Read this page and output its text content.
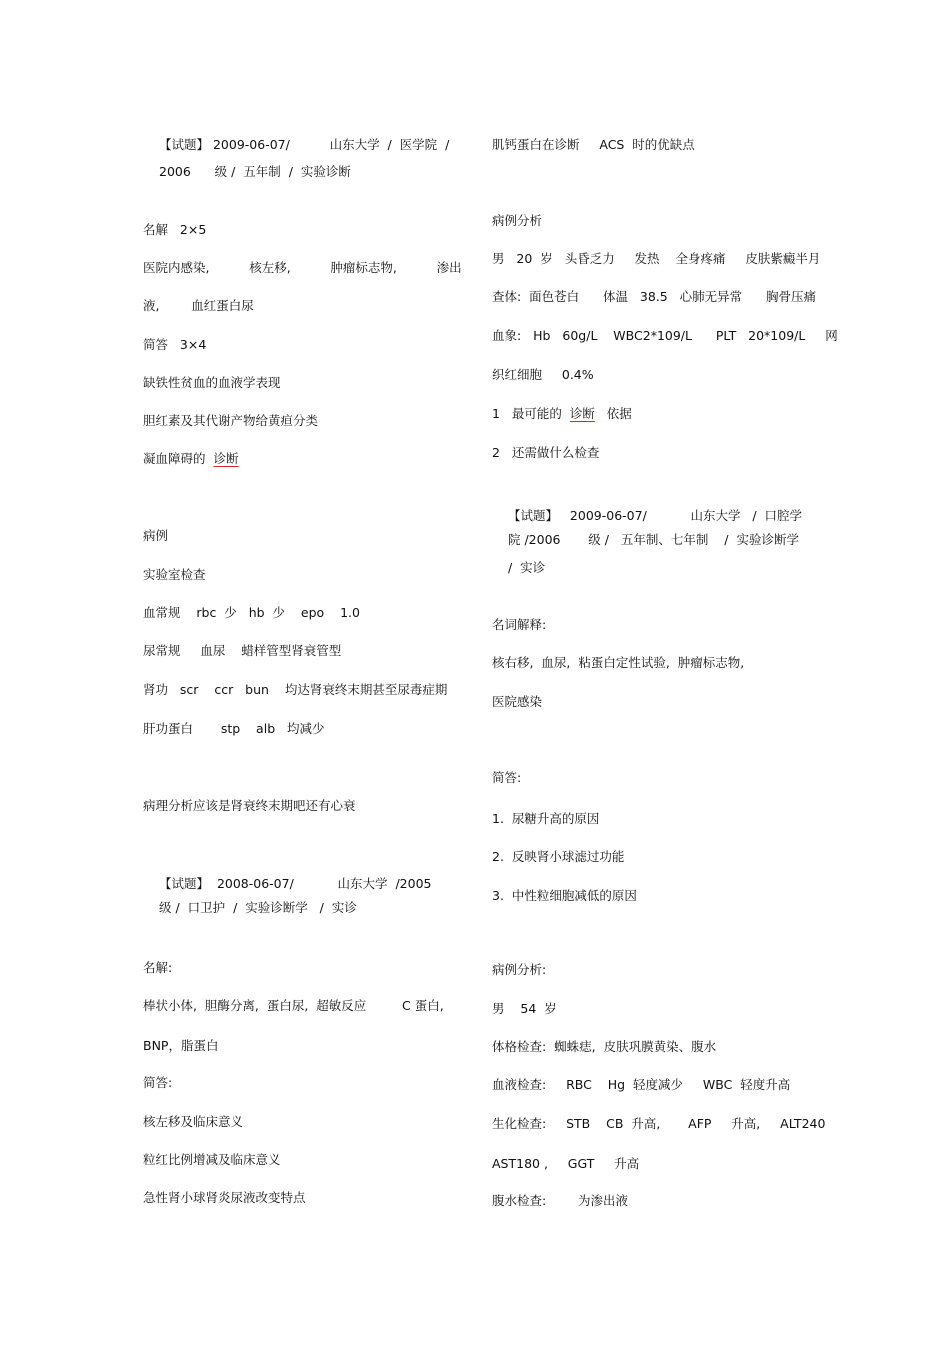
【试题】 2009-06-07/          山东大学  /  医学院  /
2006      级 /  五年制  /  实验诊断
名解   2×5
医院内感染,          核左移,          肿瘤标志物,          渗出
液,        血红蛋白尿
简答   3×4
缺铁性贫血的血液学表现
胆红素及其代谢产物给黄疸分类
凝血障碍的  诊断
病例
实验室检查
血常规    rbc  少   hb  少    epo    1.0
尿常规     血尿    蜡样管型肾衰管型
肾功   scr    ccr   bun    均达肾衰终末期甚至尿毒症期
肝功蛋白       stp    alb   均减少
病理分析应该是肾衰终末期吧还有心衰
【试题】  2008-06-07/           山东大学  /2005
级 /  口卫护  /  实验诊断学   /  实诊
名解:
棒状小体,  胆酶分离,  蛋白尿,  超敏反应         C 蛋白,
BNP，脂蛋白
简答:
核左移及临床意义
粒红比例增减及临床意义
急性肾小球肾炎尿液改变特点
肌钙蛋白在诊断     ACS  时的优缺点
病例分析
男   20  岁   头昏乏力     发热    全身疼痛     皮肤紫癜半月
查体:  面色苍白      体温   38.5   心肺无异常      胸骨压痛
血象:   Hb   60g/L    WBC2*109/L      PLT   20*109/L     网
织红细胞     0.4%
1   最可能的  诊断   依据
2   还需做什么检查
【试题】   2009-06-07/           山东大学   /  口腔学
院 /2006       级 /   五年制、七年制    /  实验诊断学
/  实诊
名词解释:
核右移,  血尿,  粘蛋白定性试验,  肿瘤标志物,
医院感染
简答:
1.  尿糖升高的原因
2.  反映肾小球滤过功能
3.  中性粒细胞减低的原因
病例分析:
男    54  岁
体格检查:  蜘蛛痣,  皮肤巩膜黄染、腹水
血液检查:     RBC    Hg  轻度减少     WBC  轻度升高
生化检查:     STB    CB  升高,       AFP     升高,     ALT240
AST180 ,     GGT     升高
腹水检查:        为渗出液
